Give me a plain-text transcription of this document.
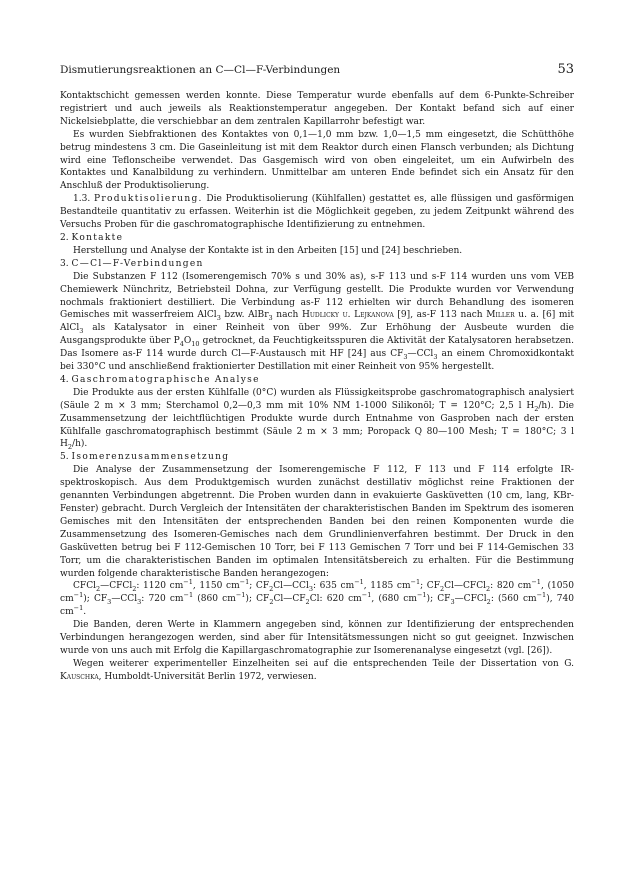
Dismutierungsreaktionen an C—Cl—F-Verbindungen	53

Kontaktschicht gemessen werden konnte. Diese Temperatur wurde ebenfalls auf dem 6-Punkte-Schreiber registriert und auch jeweils als Reaktionstemperatur angegeben. Der Kontakt befand sich auf einer Nickelsiebplatte, die verschiebbar an dem zentralen Kapillarrohr befestigt war.

Es wurden Siebfraktionen des Kontaktes von 0,1—1,0 mm bzw. 1,0—1,5 mm eingesetzt, die Schütthöhe betrug mindestens 3 cm. Die Gaseinleitung ist mit dem Reaktor durch einen Flansch verbunden; als Dichtung wird eine Teflonscheibe verwendet. Das Gasgemisch wird von oben eingeleitet, um ein Aufwirbeln des Kontaktes und Kanalbildung zu verhindern. Unmittelbar am unteren Ende befindet sich ein Ansatz für den Anschluß der Produktisolierung.

1.3. Produktisolierung. Die Produktisolierung (Kühlfallen) gestattet es, alle flüssigen und gasförmigen Bestandteile quantitativ zu erfassen. Weiterhin ist die Möglichkeit gegeben, zu jedem Zeitpunkt während des Versuchs Proben für die gaschromatographische Identifizierung zu entnehmen.

2. Kontakte

Herstellung und Analyse der Kontakte ist in den Arbeiten [15] und [24] beschrieben.

3. C—Cl—F-Verbindungen

Die Substanzen F 112 (Isomerengemisch 70% s und 30% as), s-F 113 und s-F 114 wurden uns vom VEB Chemiewerk Nünchritz, Betriebsteil Dohna, zur Verfügung gestellt. Die Produkte wurden vor Verwendung nochmals fraktioniert destilliert. Die Verbindung as-F 112 erhielten wir durch Behandlung des isomeren Gemisches mit wasserfreiem AlCl$_3$ bzw. AlBr$_3$ nach Hudlicky u. Lejkanova [9], as-F 113 nach Miller u. a. [6] mit AlCl$_3$ als Katalysator in einer Reinheit von über 99%. Zur Erhöhung der Ausbeute wurden die Ausgangsprodukte über $P_4O_{10}$ getrocknet, da Feuchtigkeitsspuren die Aktivität der Katalysatoren herabsetzen. Das Isomere as-F 114 wurde durch Cl—F-Austausch mit HF [24] aus $CF_3—CCl_3$ an einem Chromoxidkontakt bei 330°C und anschließend fraktionierter Destillation mit einer Reinheit von 95% hergestellt.

4. Gaschromatographische Analyse

Die Produkte aus der ersten Kühlfalle (0°C) wurden als Flüssigkeitsprobe gaschromatographisch analysiert (Säule 2 m × 3 mm; Sterchamol 0,2—0,3 mm mit 10% NM 1-1000 Silikonöl; T = 120°C; 2,5 l $H_2/h$). Die Zusammensetzung der leichtflüchtigen Produkte wurde durch Entnahme von Gasproben nach der ersten Kühlfalle gaschromatographisch bestimmt (Säule 2 m × 3 mm; Poropack Q 80—100 Mesh; T = 180°C; 3 l $H_2/h$).

5. Isomerenzusammensetzung

Die Analyse der Zusammensetzung der Isomerengemische F 112, F 113 und F 114 erfolgte IR-spektroskopisch. Aus dem Produktgemisch wurden zunächst destillativ möglichst reine Fraktionen der genannten Verbindungen abgetrennt. Die Proben wurden dann in evakuierte Gasküvetten (10 cm, lang, KBr-Fenster) gebracht. Durch Vergleich der Intensitäten der charakteristischen Banden im Spektrum des isomeren Gemisches mit den Intensitäten der entsprechenden Banden bei den reinen Komponenten wurde die Zusammensetzung des Isomeren-Gemisches nach dem Grundlinienverfahren bestimmt. Der Druck in den Gasküvetten betrug bei F 112-Gemischen 10 Torr, bei F 113 Gemischen 7 Torr und bei F 114-Gemischen 33 Torr, um die charakteristischen Banden im optimalen Intensitätsbereich zu erhalten. Für die Bestimmung wurden folgende charakteristische Banden herangezogen:

CFCl$_2$—CFCl$_2$: 1120 $cm^{-1}$, 1150 $cm^{-1}$; $CF_2Cl—CCl_3$: 635 $cm^{-1}$, 1185 $cm^{-1}$; $CF_2Cl—CFCl_2$: 820 $cm^{-1}$, (1050 $cm^{-1}$); $CF_3—CCl_3$: 720 $cm^{-1}$ (860 $cm^{-1}$); $CF_2Cl—CF_2Cl$: 620 $cm^{-1}$, (680 $cm^{-1}$); $CF_3—CFCl_2$: (560 $cm^{-1}$), 740 $cm^{-1}$.

Die Banden, deren Werte in Klammern angegeben sind, können zur Identifizierung der entsprechenden Verbindungen herangezogen werden, sind aber für Intensitätsmessungen nicht so gut geeignet. Inzwischen wurde von uns auch mit Erfolg die Kapillargaschromatographie zur Isomerenanalyse eingesetzt (vgl. [26]).

Wegen weiterer experimenteller Einzelheiten sei auf die entsprechenden Teile der Dissertation von G. Kauschka, Humboldt-Universität Berlin 1972, verwiesen.
